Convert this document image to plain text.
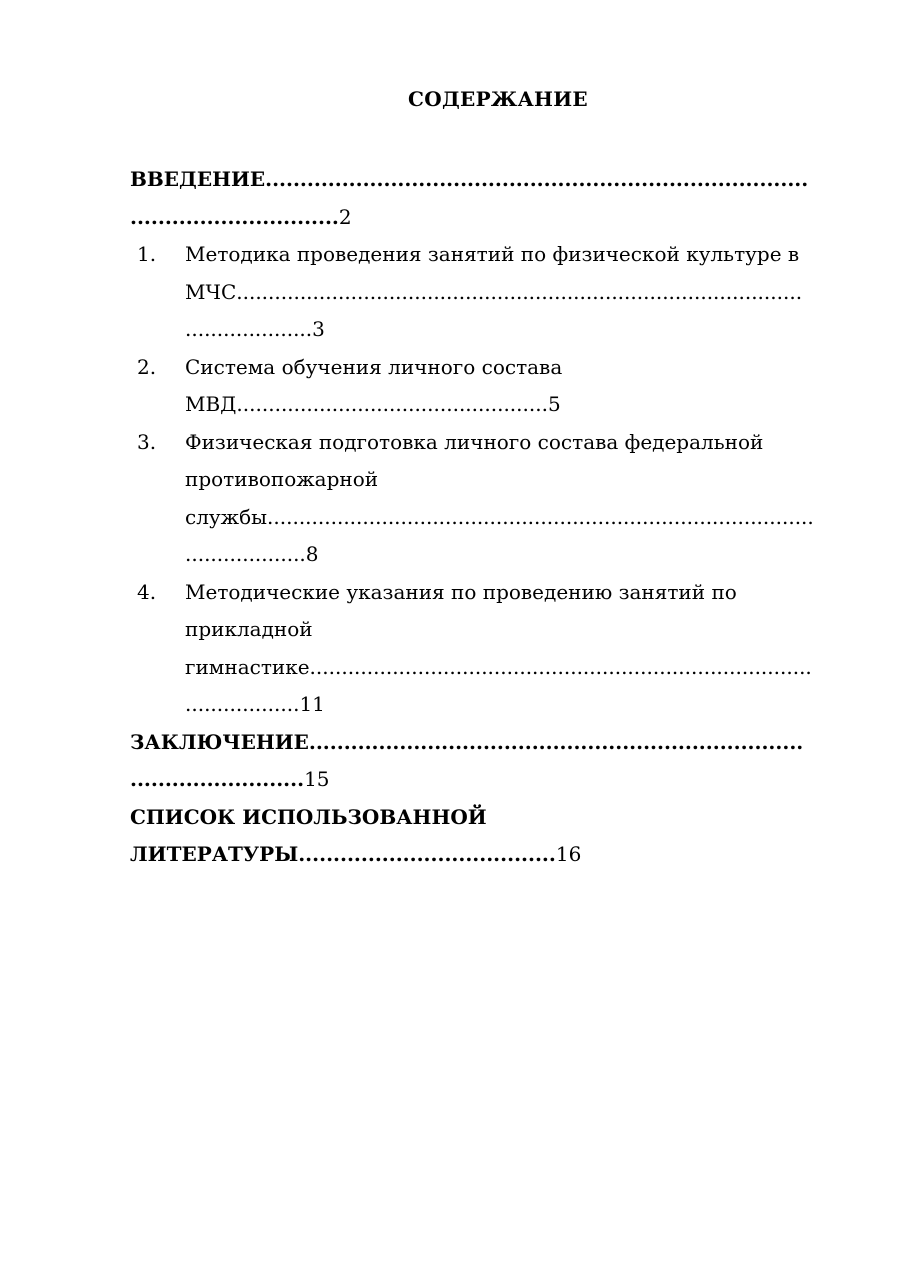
СОДЕРЖАНИЕ
ВВЕДЕНИЕ..............................................................................
..............................2
1. Методика проведения занятий по физической культуре в
МЧС.........................................................................................
....................3
2. Система обучения личного состава
МВД.................................................5
3. Физическая подготовка личного состава федеральной
противопожарной
службы......................................................................................
...................8
4. Методические указания по проведению занятий по
прикладной
гимнастике...............................................................................
..................11
ЗАКЛЮЧЕНИЕ.......................................................................
.........................15
СПИСОК ИСПОЛЬЗОВАННОЙ
ЛИТЕРАТУРЫ.....................................16
